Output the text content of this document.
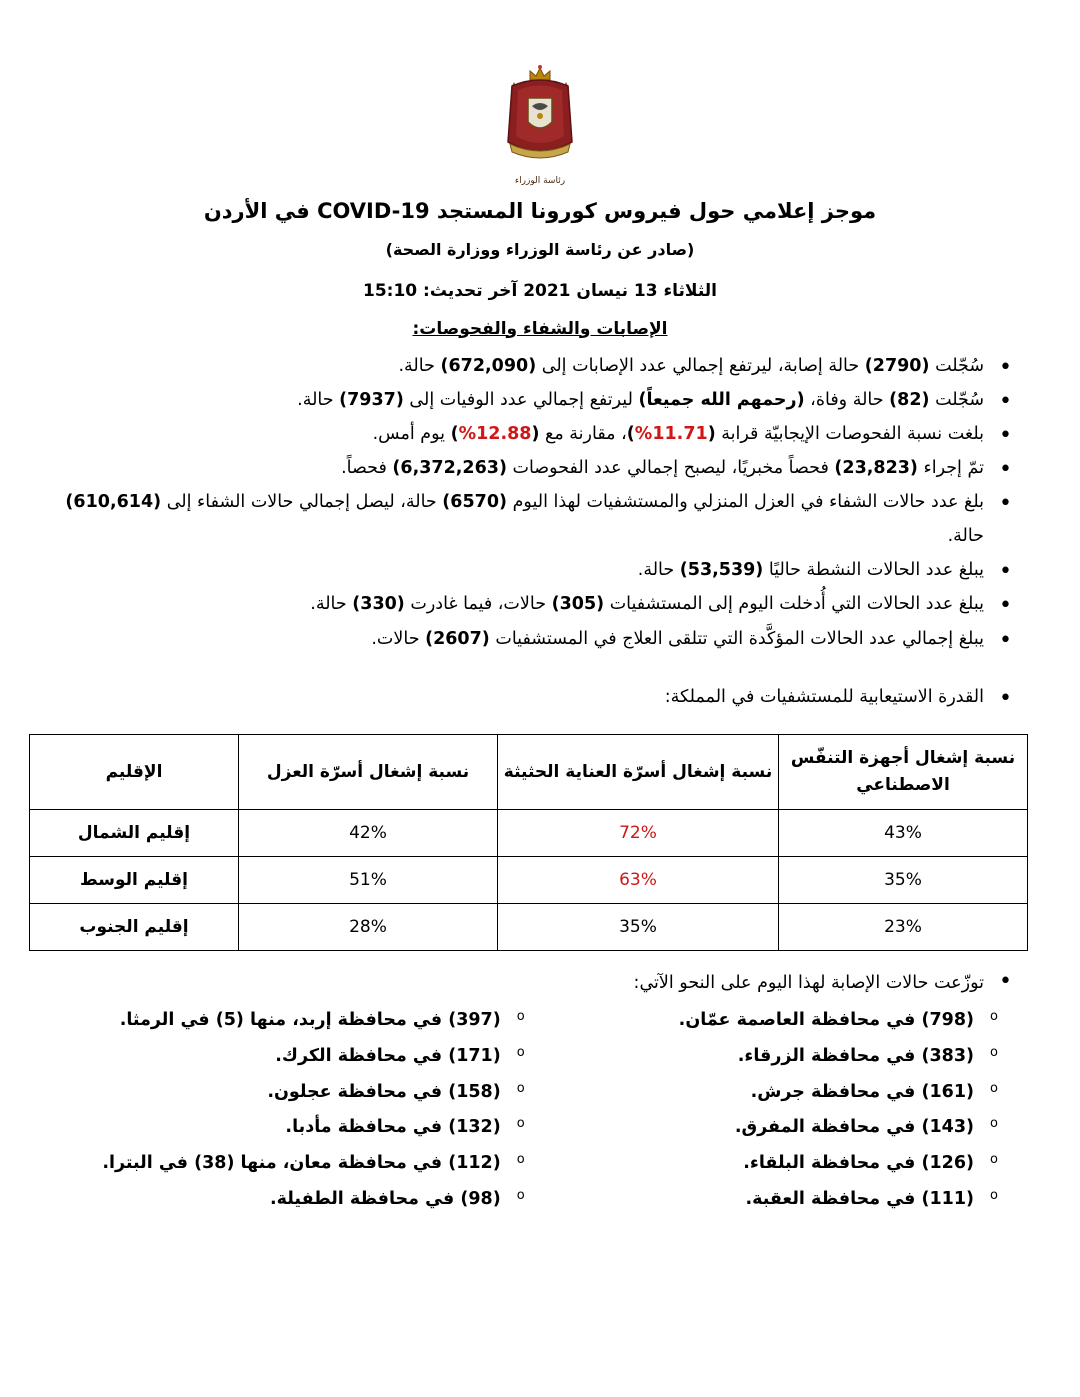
رئاسة الوزراء
موجز إعلامي حول فيروس كورونا المستجد COVID-19 في الأردن
(صادر عن رئاسة الوزراء ووزارة الصحة)
الثلاثاء 13 نيسان 2021 آخر تحديث: 15:10
الإصابات والشفاء والفحوصات:
• سُجّلت (2790) حالة إصابة، ليرتفع إجمالي عدد الإصابات إلى (672,090) حالة.
• سُجّلت (82) حالة وفاة، (رحمهم الله جميعاً) ليرتفع إجمالي عدد الوفيات إلى (7937) حالة.
• بلغت نسبة الفحوصات الإيجابيّة قرابة (11.71%)، مقارنة مع (12.88%) يوم أمس.
• تمّ إجراء (23,823) فحصاً مخبريًا، ليصبح إجمالي عدد الفحوصات (6,372,263) فحصاً.
• بلغ عدد حالات الشفاء في العزل المنزلي والمستشفيات لهذا اليوم (6570) حالة، ليصل إجمالي حالات الشفاء إلى (610,614) حالة.
• يبلغ عدد الحالات النشطة حاليًا (53,539) حالة.
• يبلغ عدد الحالات التي أُدخلت اليوم إلى المستشفيات (305) حالات، فيما غادرت (330) حالة.
• يبلغ إجمالي عدد الحالات المؤكَّدة التي تتلقى العلاج في المستشفيات (2607) حالات.
• القدرة الاستيعابية للمستشفيات في المملكة:
نسبة إشغال أجهزة التنفّس الاصطناعي	نسبة إشغال أسرّة العناية الحثيثة	نسبة إشغال أسرّة العزل	الإقليم
43%	72%	42%	إقليم الشمال
35%	63%	51%	إقليم الوسط
23%	35%	28%	إقليم الجنوب
• توزّعت حالات الإصابة لهذا اليوم على النحو الآتي:
o (798) في محافظة العاصمة عمّان.
o (383) في محافظة الزرقاء.
o (161) في محافظة جرش.
o (143) في محافظة المفرق.
o (126) في محافظة البلقاء.
o (111) في محافظة العقبة.
o (397) في محافظة إربد، منها (5) في الرمثا.
o (171) في محافظة الكرك.
o (158) في محافظة عجلون.
o (132) في محافظة مأدبا.
o (112) في محافظة معان، منها (38) في البترا.
o (98) في محافظة الطفيلة.
